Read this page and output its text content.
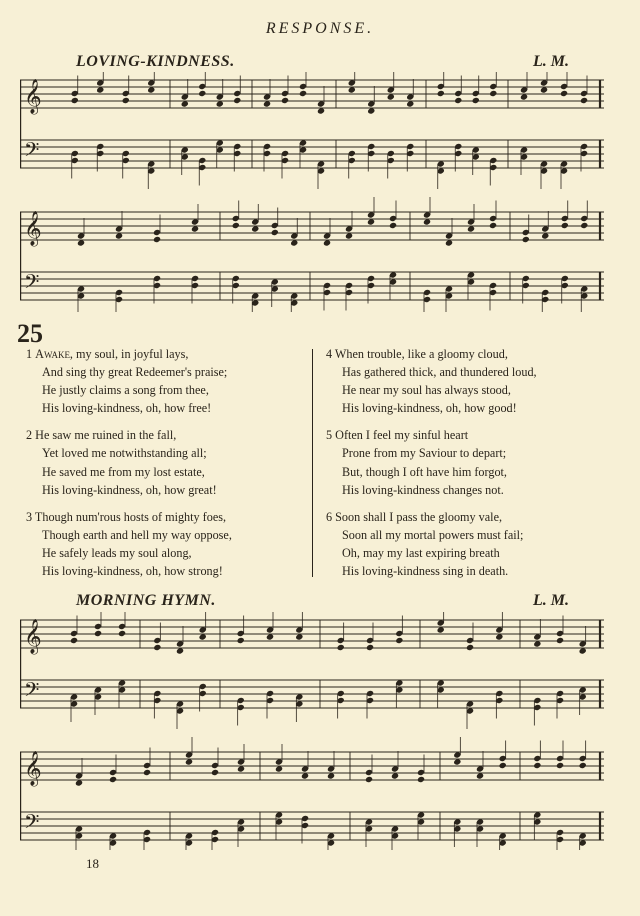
RESPONSE.
LOVING-KINDNESS.	L. M.
𝄞
𝄢
𝄞
𝄢
25
1 Awake, my soul, in joyful lays,
And sing thy great Redeemer's praise;
He justly claims a song from thee,
His loving-kindness, oh, how free!
2 He saw me ruined in the fall,
Yet loved me notwithstanding all;
He saved me from my lost estate,
His loving-kindness, oh, how great!
3 Though num'rous hosts of mighty foes,
Though earth and hell my way oppose,
He safely leads my soul along,
His loving-kindness, oh, how strong!
4 When trouble, like a gloomy cloud,
Has gathered thick, and thundered loud,
He near my soul has always stood,
His loving-kindness, oh, how good!
5 Often I feel my sinful heart
Prone from my Saviour to depart;
But, though I oft have him forgot,
His loving-kindness changes not.
6 Soon shall I pass the gloomy vale,
Soon all my mortal powers must fail;
Oh, may my last expiring breath
His loving-kindness sing in death.
MORNING HYMN.	L. M.
𝄞
𝄢
𝄞
𝄢
18
